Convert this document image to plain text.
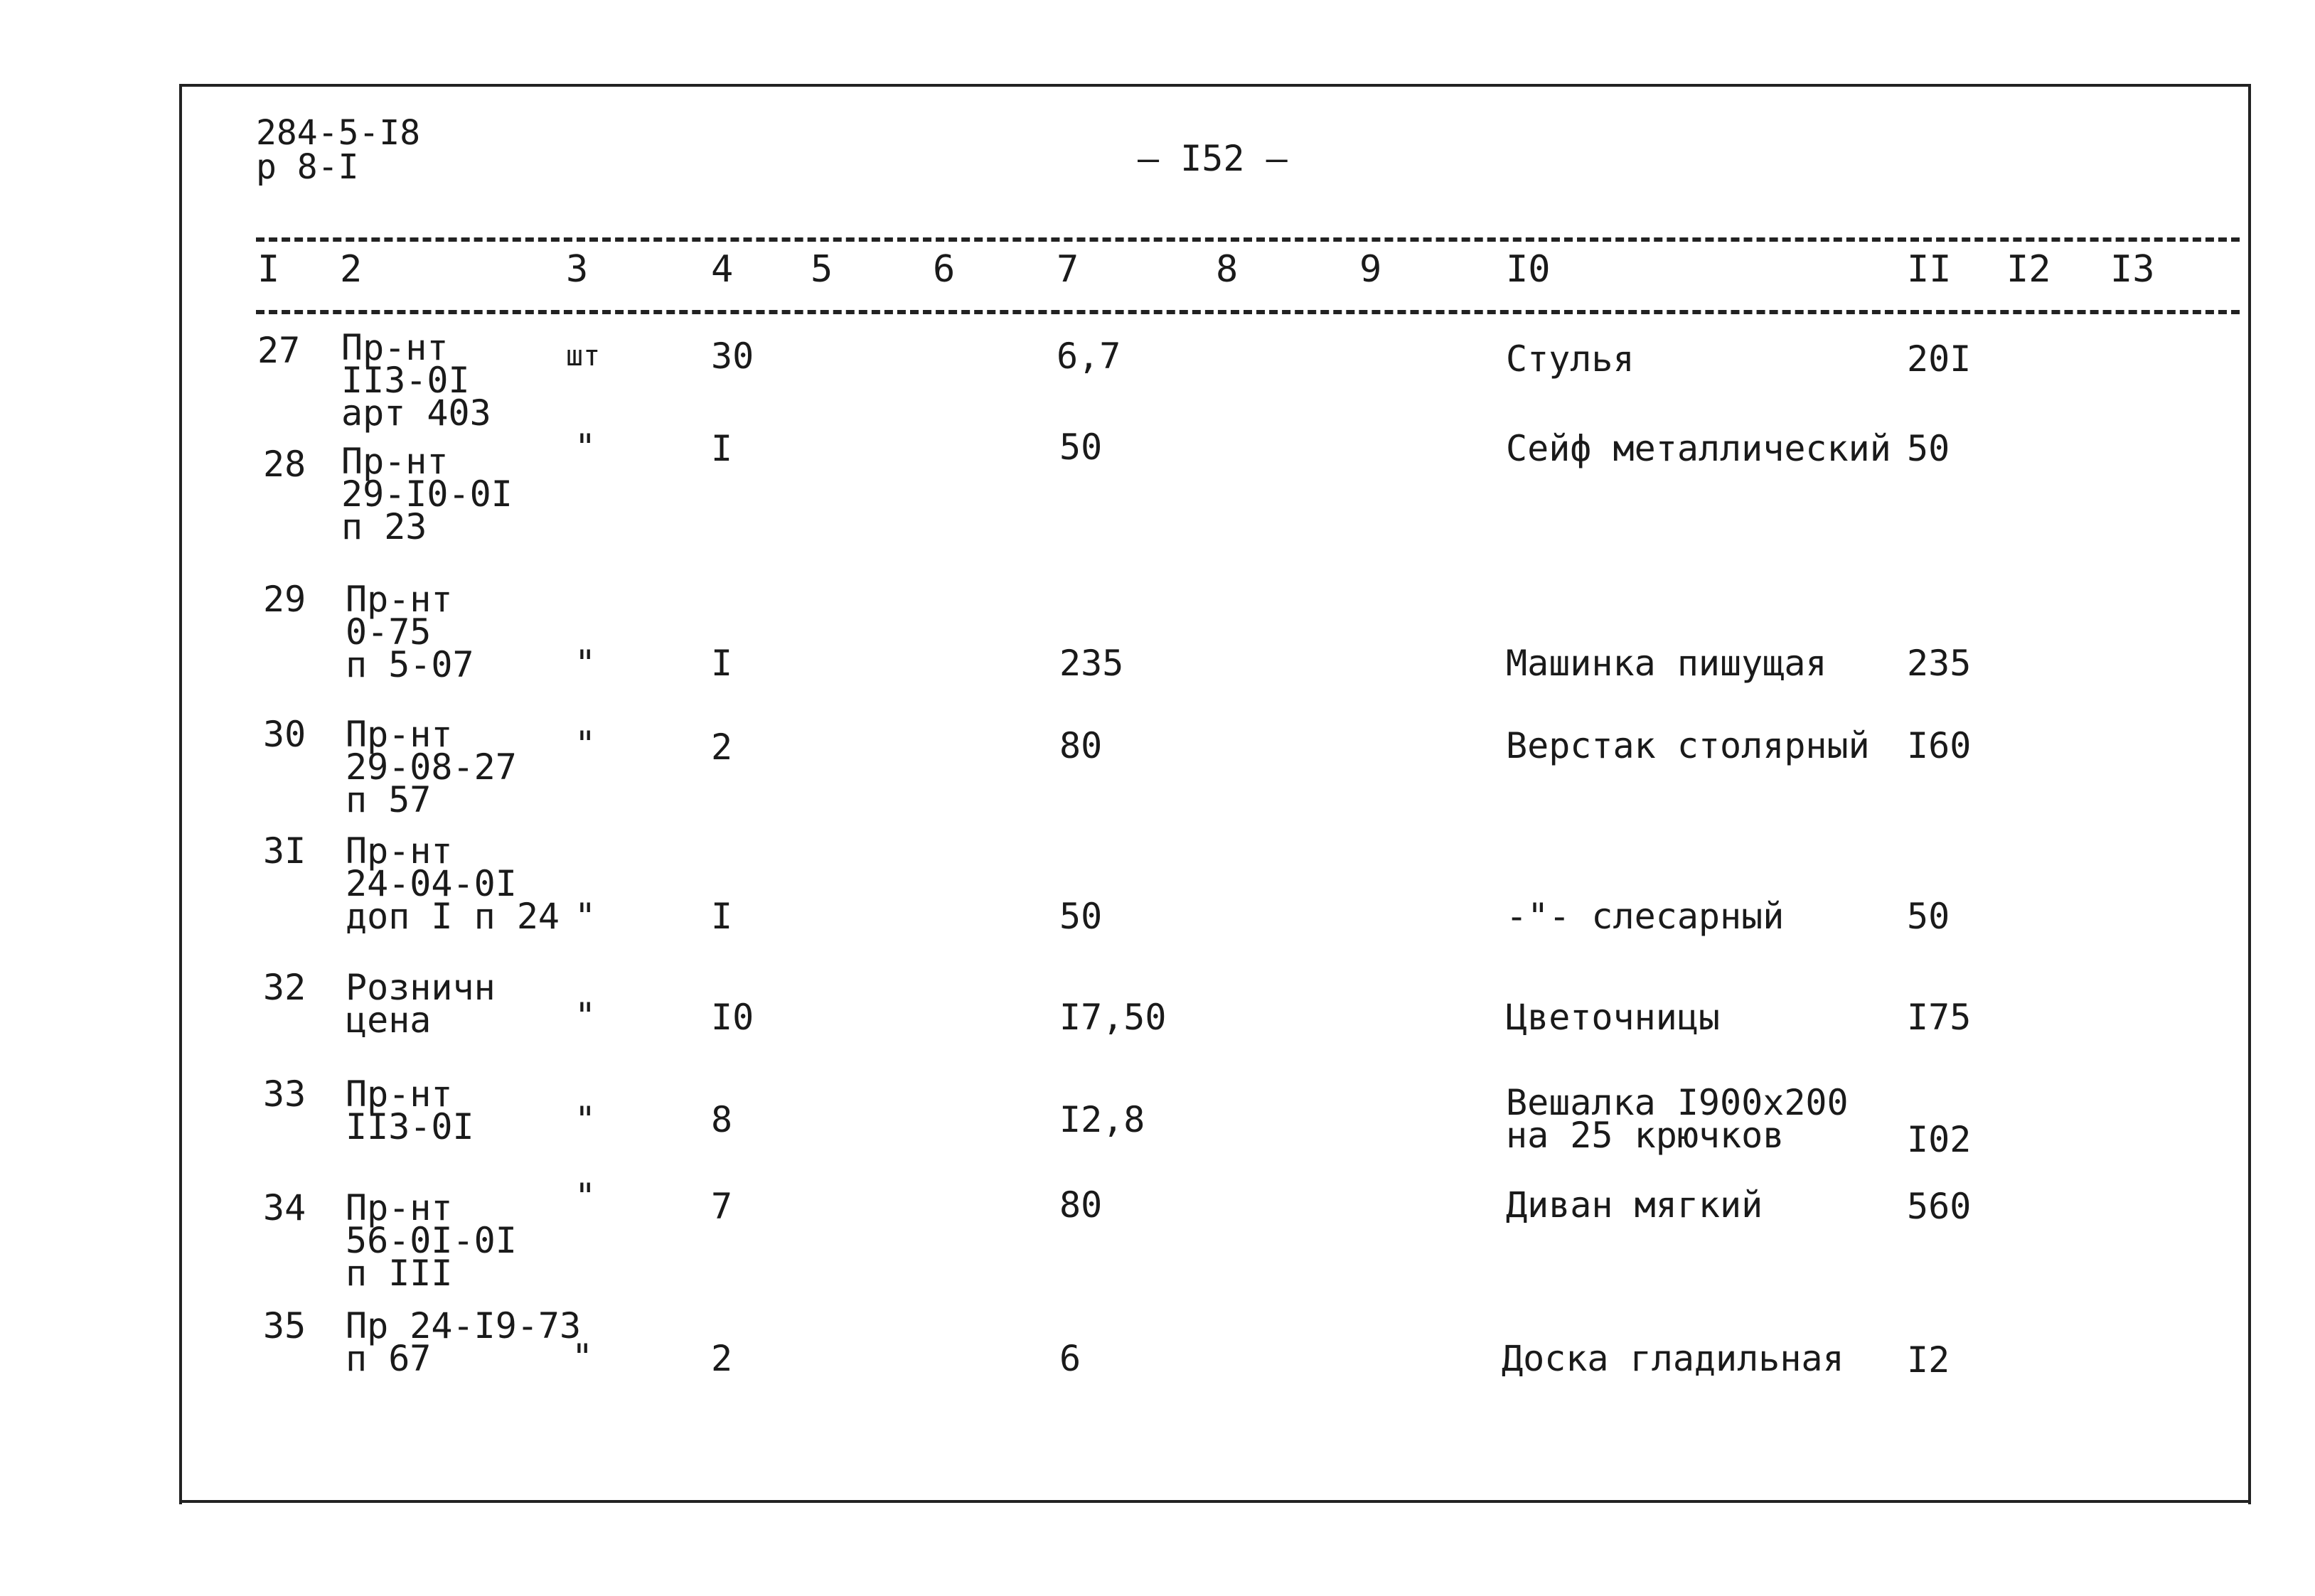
284-5-I8
р 8-I	— I52 —
I 2	3	4 5	6	7	8	9	I0	II I2 I3
27 Пр-нт
II3-0I
арт 403
шт	30	6,7	Стулья	20I
28 Пр-нт
29-I0-0I
п 23
"	I	50	Сейф металлический 50
29 Пр-нт
0-75
п 5-07	"	I	235	Машинка пишущая 235
30 Пр-нт
29-08-27
п 57
"	2	80	Верстак столярный I60
3I Пр-нт
24-04-0I
доп I п 24 "	I	50	-"- слесарный	50
32 Розничн
цена	"	I0	I7,50	Цветочницы	I75
33 Пр-нт
II3-0I	"	8	I2,8	Вешалка I900х200
на 25 крючков	I02
34 Пр-нт
56-0I-0I
п III
"	7	80	Диван мягкий	560
35 Пр 24-I9-73
п 67	"	2	6	Доска гладильная I2
